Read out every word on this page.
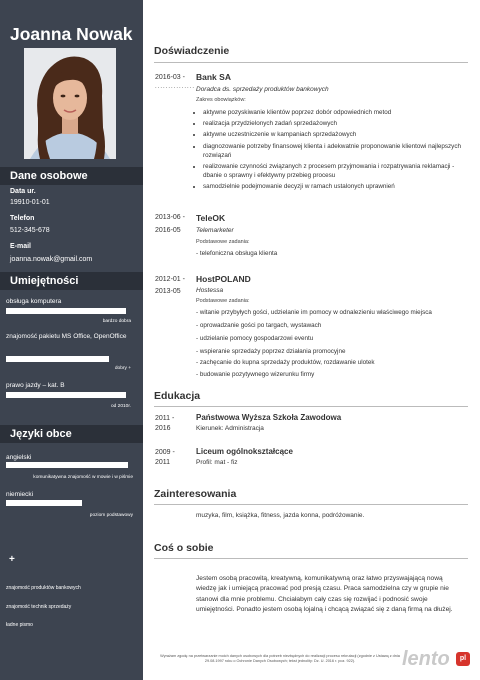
Joanna Nowak
Dane osobowe
Data ur.
19910-01-01
Telefon
512-345-678
E-mail
joanna.nowak@gmail.com
Umiejętności
obsługa komputera
bardzo dobra
znajomość pakietu MS Office, OpenOffice
dobry +
prawo jazdy – kat. B
od 2010r.
Języki obce
angielski
komunikatywna znajomość w mowie i w piśmie
niemiecki
poziom podstawowy
+
znajomość produktów bankowych
znajomość technik sprzedaży
ładne pismo
Doświadczenie
2016-03 -
...............
Bank SA
Doradca ds. sprzedaży produktów bankowych
Zakres obowiązków:
• aktywne pozyskiwanie klientów poprzez dobór odpowiednich metod
• realizacja przydzielonych zadań sprzedażowych
• aktywne uczestniczenie w kampaniach sprzedażowych
• diagnozowanie potrzeby finansowej klienta i adekwatnie proponowanie klientowi najlepszych rozwiązań
• realizowanie czynności związanych z procesem przyjmowania i rozpatrywania reklamacji - dbanie o sprawny i efektywny przebieg procesu
• samodzielnie podejmowanie decyzji w ramach ustalonych uprawnień
2013-06 -
2016-05
TeleOK
Telemarketer
Podstawowe zadania:
- telefoniczna obsługa klienta
2012-01 -
2013-05
HostPOLAND
Hostessa
Podstawowe zadania:
- witanie przybyłych gości, udzielanie im pomocy w odnalezieniu właściwego miejsca
- oprowadzanie gości po targach, wystawach
- udzielanie pomocy gospodarzowi eventu
- wspieranie sprzedaży poprzez działania promocyjne
- zachęcanie do kupna sprzedaży produktów, rozdawanie ulotek
- budowanie pozytywnego wizerunku firmy
Edukacja
2011 -
2016
Państwowa Wyższa Szkoła Zawodowa
Kierunek: Administracja
2009 -
2011
Liceum ogólnokształcące
Profil: mat - fiz
Zainteresowania
muzyka, film, książka, fitness, jazda konna, podróżowanie.
Coś o sobie
Jestem osobą pracowitą, kreatywną, komunikatywną oraz łatwo przyswajającą nową wiedzę jak i umiejącą pracować pod presją czasu. Praca samodzielna czy w grupie nie stanowi dla mnie problemu. Chciałabym cały czas się rozwijać i podnosić swoje umiejętności. Ponadto jestem osobą lojalną i chcącą związać się z daną firmą na dłużej.
Wyrażam zgodę na przetwarzanie moich danych osobowych dla potrzeb niezbędnych do realizacji procesu rekrutacji (zgodnie z Ustawą z dnia 29.08.1997 roku o Ochronie Danych Osobowych; tekst jednolity: Dz. U. 2016 r. poz. 922).	lento	pl
